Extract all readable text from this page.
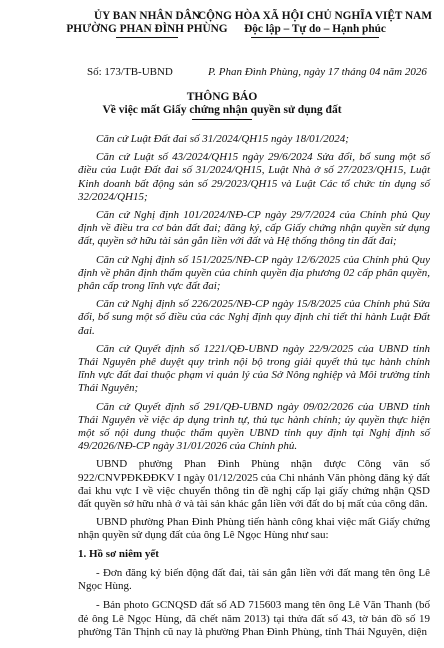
ỦY BAN NHÂN DÂN
PHƯỜNG PHAN ĐÌNH PHÙNG
CỘNG HÒA XÃ HỘI CHỦ NGHĨA VIỆT NAM
Độc lập – Tự do – Hạnh phúc
Số: 173/TB-UBND	P. Phan Đình Phùng, ngày 17 tháng 04 năm 2026
THÔNG BÁO
Về việc mất Giấy chứng nhận quyền sử dụng đất

Căn cứ Luật Đất đai số 31/2024/QH15 ngày 18/01/2024;

Căn cứ Luật số 43/2024/QH15 ngày 29/6/2024 Sửa đổi, bổ sung một số điều của Luật Đất đai số 31/2024/QH15, Luật Nhà ở số 27/2023/QH15, Luật Kinh doanh bất động sản số 29/2023/QH15 và Luật Các tổ chức tín dụng số 32/2024/QH15;

Căn cứ Nghị định 101/2024/NĐ-CP ngày 29/7/2024 của Chính phủ Quy định về điều tra cơ bản đất đai; đăng ký, cấp Giấy chứng nhận quyền sử dụng đất, quyền sở hữu tài sản gắn liền với đất và Hệ thống thông tin đất đai;

Căn cứ Nghị định số 151/2025/NĐ-CP ngày 12/6/2025 của Chính phủ Quy định về phân định thẩm quyền của chính quyền địa phương 02 cấp phân quyền, phân cấp trong lĩnh vực đất đai;

Căn cứ Nghị định số 226/2025/NĐ-CP ngày 15/8/2025 của Chính phủ Sửa đổi, bổ sung một số điều của các Nghị định quy định chi tiết thi hành Luật Đất đai.

Căn cứ Quyết định số 1221/QĐ-UBND ngày 22/9/2025 của UBND tỉnh Thái Nguyên phê duyệt quy trình nội bộ trong giải quyết thủ tục hành chính lĩnh vực đất đai thuộc phạm vi quản lý của Sở Nông nghiệp và Môi trường tỉnh Thái Nguyên;

Căn cứ Quyết định số 291/QĐ-UBND ngày 09/02/2026 của UBND tỉnh Thái Nguyên về việc áp dụng trình tự, thủ tục hành chính; ủy quyền thực hiện một số nội dung thuộc thẩm quyền UBND tỉnh quy định tại Nghị định số 49/2026/NĐ-CP ngày 31/01/2026 của Chính phủ.

UBND phường Phan Đình Phùng nhận được Công văn số 922/CNVPĐKĐĐKV I ngày 01/12/2025 của Chi nhánh Văn phòng đăng ký đất đai khu vực I về việc chuyển thông tin đề nghị cấp lại giấy chứng nhận QSD đất quyền sở hữu nhà ở và tài sản khác gắn liền với đất do bị mất của công dân.

UBND phường Phan Đình Phùng tiến hành công khai việc mất Giấy chứng nhận quyền sử dụng đất của ông Lê Ngọc Hùng như sau:

1. Hồ sơ niêm yết

- Đơn đăng ký biến động đất đai, tài sản gắn liền với đất mang tên ông Lê Ngọc Hùng.

- Bản photo GCNQSD đất số AD 715603 mang tên ông Lê Văn Thanh (bố đẻ ông Lê Ngọc Hùng, đã chết năm 2013) tại thửa đất số 43, tờ bản đồ số 19 phường Tân Thịnh cũ nay là phường Phan Đình Phùng, tỉnh Thái Nguyên, diện
